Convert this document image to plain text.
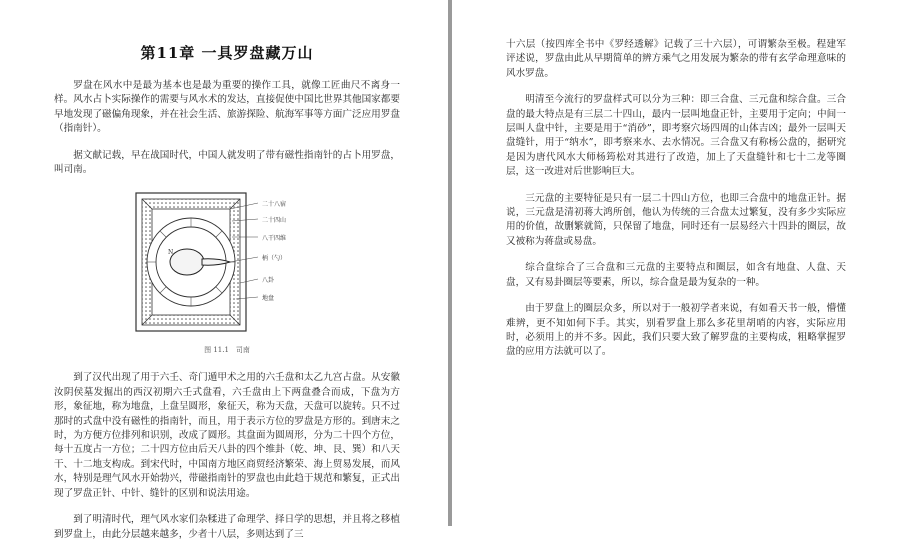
第11章 一具罗盘藏万山

罗盘在风水中是最为基本也是最为重要的操作工具，就像工匠曲尺不离身一样。风水占卜实际操作的需要与风水术的发达，直接促使中国比世界其他国家都要早地发现了磁偏角现象，并在社会生活、旅游探险、航海军事等方面广泛应用罗盘（指南针）。

据文献记载，早在战国时代，中国人就发明了带有磁性指南针的占卜用罗盘，叫司南。

N
二十八宿
二十四山
八干四维
柄（勺）
八卦
地盘
图 11.1　司南

到了汉代出现了用于六壬、奇门遁甲术之用的六壬盘和太乙九宫占盘。从安徽汝阴侯墓发掘出的西汉初期六壬式盘看，六壬盘由上下两盘叠合而成，下盘为方形，象征地，称为地盘，上盘呈圆形，象征天，称为天盘，天盘可以旋转。只不过那时的式盘中没有磁性的指南针，而且，用于表示方位的罗盘是方形的。到唐末之时，为方便方位排列和识别，改成了圆形。其盘面为圆周形，分为二十四个方位，每十五度占一方位；二十四方位由后天八卦的四个维卦（乾、坤、艮、巽）和八天干、十二地支构成。到宋代时，中国南方地区商贸经济繁荣、海上贸易发展，而风水，特别是理气风水开始勃兴，带磁指南针的罗盘也由此趋于规范和繁复，正式出现了罗盘正针、中针、缝针的区别和说法用途。

到了明清时代，理气风水家们杂糅进了命理学、择日学的思想，并且将之移植到罗盘上，由此分层越来越多，少者十八层，多则达到了三

十六层（按四库全书中《罗经透解》记载了三十六层），可谓繁杂至极。程建军评述说，罗盘由此从早期简单的辨方乘气之用发展为繁杂的带有玄学命理意味的风水罗盘。

明清至今流行的罗盘样式可以分为三种：即三合盘、三元盘和综合盘。三合盘的最大特点是有三层二十四山，最内一层叫地盘正针，主要用于定向；中间一层叫人盘中针，主要是用于“消砂”，即考察穴场四周的山体吉凶；最外一层叫天盘缝针，用于“纳水”，即考察来水、去水情况。三合盘又有称杨公盘的，据研究是因为唐代风水大师杨筠松对其进行了改造，加上了天盘缝针和七十二龙等圈层，这一改进对后世影响巨大。

三元盘的主要特征是只有一层二十四山方位，也即三合盘中的地盘正针。据说，三元盘是清初蒋大鸿所创，他认为传统的三合盘太过繁复，没有多少实际应用的价值，故删繁就简，只保留了地盘，同时还有一层易经六十四卦的圈层，故又被称为蒋盘或易盘。

综合盘综合了三合盘和三元盘的主要特点和圈层，如含有地盘、人盘、天盘，又有易卦圈层等要素，所以，综合盘是最为复杂的一种。

由于罗盘上的圈层众多，所以对于一般初学者来说，有如看天书一般，懵懂难辨，更不知如何下手。其实，别看罗盘上那么多花里胡哨的内容，实际应用时，必须用上的并不多。因此，我们只要大致了解罗盘的主要构成，粗略掌握罗盘的应用方法就可以了。
